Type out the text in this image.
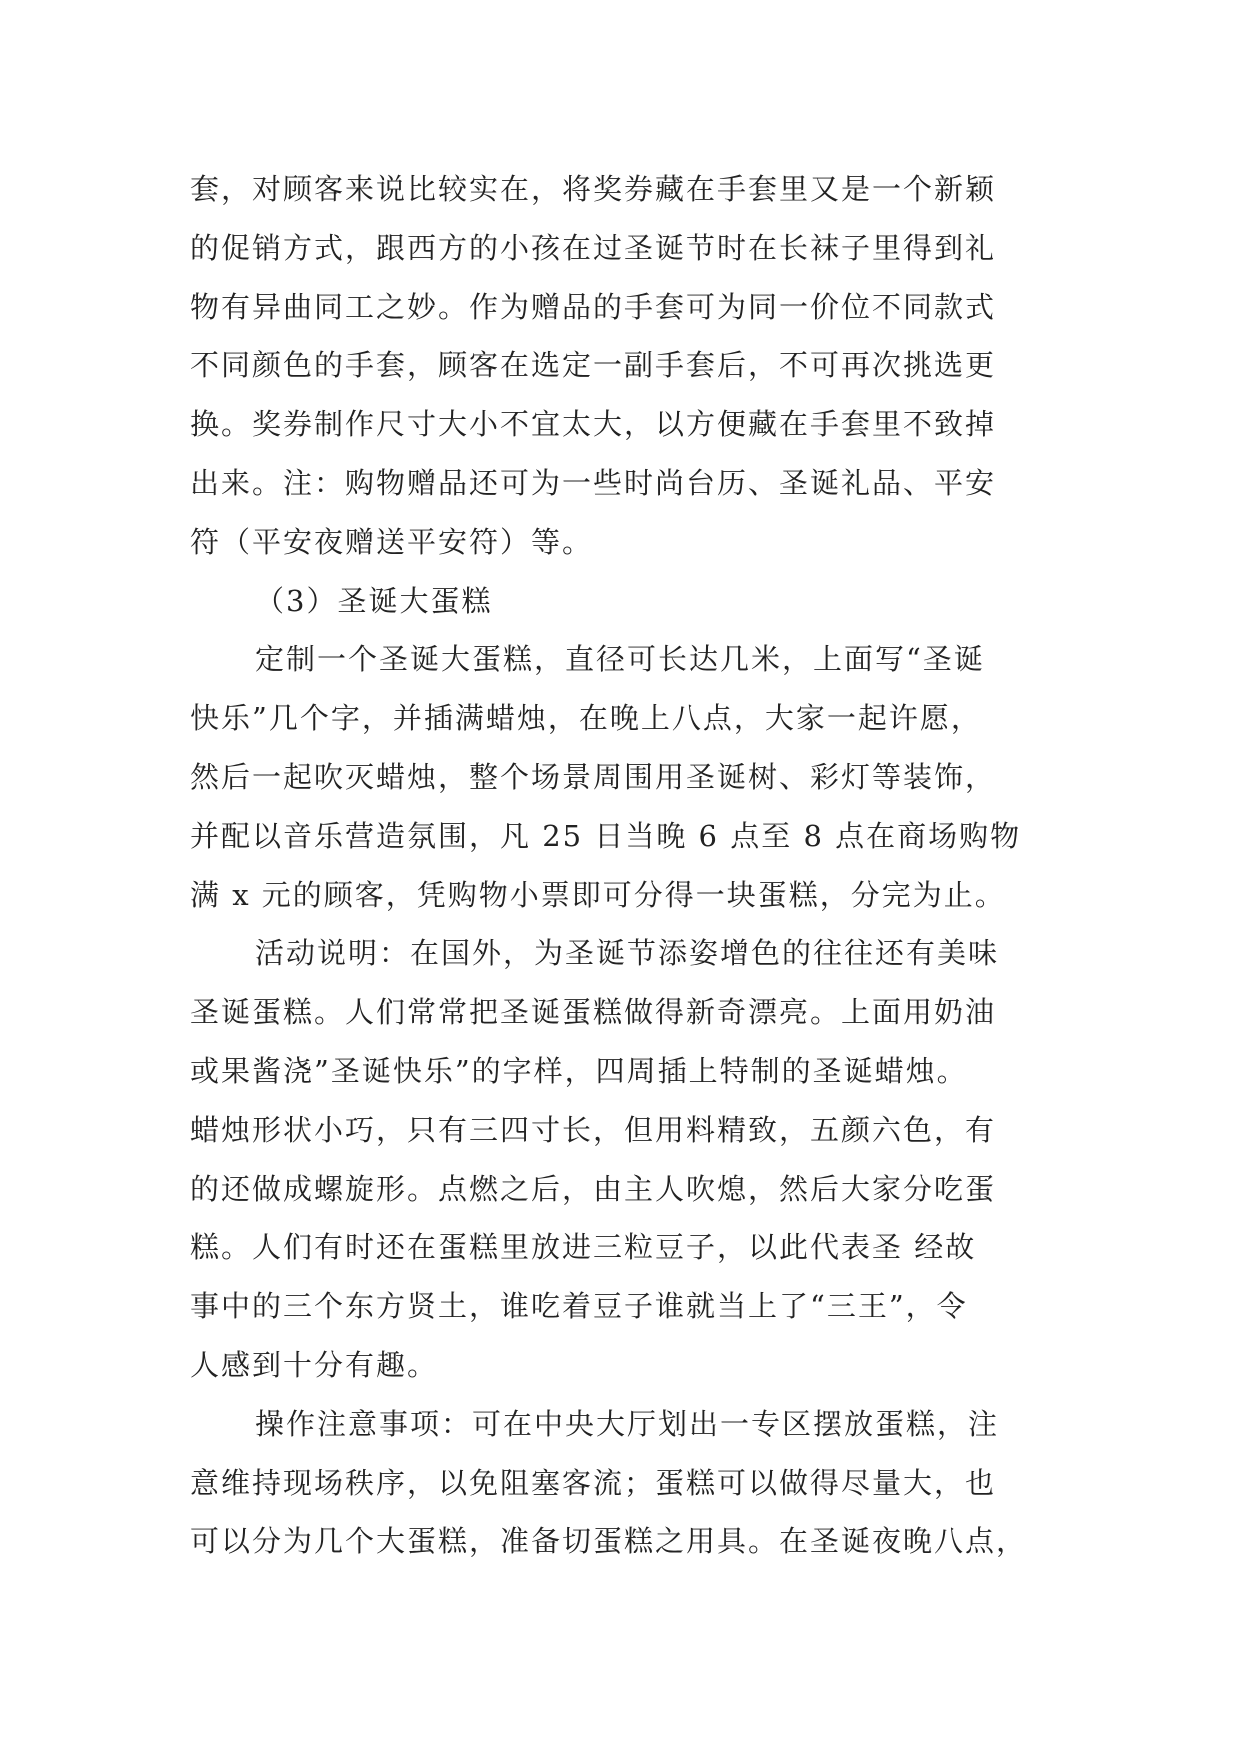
套，对顾客来说比较实在，将奖券藏在手套里又是一个新颖
的促销方式，跟西方的小孩在过圣诞节时在长袜子里得到礼
物有异曲同工之妙。作为赠品的手套可为同一价位不同款式
不同颜色的手套，顾客在选定一副手套后，不可再次挑选更
换。奖券制作尺寸大小不宜太大，以方便藏在手套里不致掉
出来。注：购物赠品还可为一些时尚台历、圣诞礼品、平安
符（平安夜赠送平安符）等。
（3）圣诞大蛋糕
定制一个圣诞大蛋糕，直径可长达几米，上面写“圣诞
快乐”几个字，并插满蜡烛，在晚上八点，大家一起许愿，
然后一起吹灭蜡烛，整个场景周围用圣诞树、彩灯等装饰，
并配以音乐营造氛围，凡 25 日当晚 6 点至 8 点在商场购物
满 x 元的顾客，凭购物小票即可分得一块蛋糕，分完为止。
活动说明：在国外，为圣诞节添姿增色的往往还有美味
圣诞蛋糕。人们常常把圣诞蛋糕做得新奇漂亮。上面用奶油
或果酱浇”圣诞快乐”的字样，四周插上特制的圣诞蜡烛。
蜡烛形状小巧，只有三四寸长，但用料精致，五颜六色，有
的还做成螺旋形。点燃之后，由主人吹熄，然后大家分吃蛋
糕。人们有时还在蛋糕里放进三粒豆子，以此代表圣 经故
事中的三个东方贤土，谁吃着豆子谁就当上了“三王”，令
人感到十分有趣。
操作注意事项：可在中央大厅划出一专区摆放蛋糕，注
意维持现场秩序，以免阻塞客流；蛋糕可以做得尽量大，也
可以分为几个大蛋糕，准备切蛋糕之用具。在圣诞夜晚八点，
